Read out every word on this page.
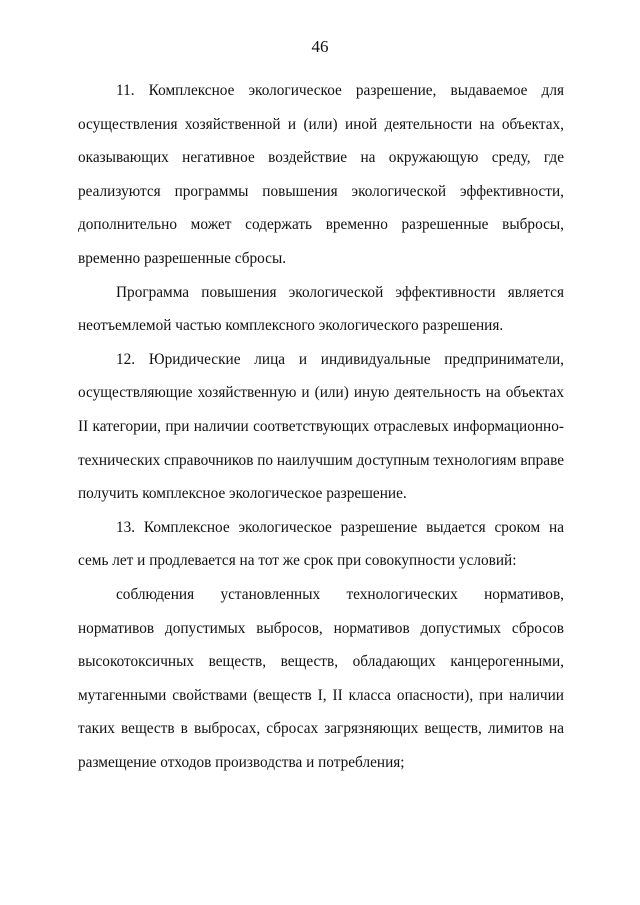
46

11. Комплексное экологическое разрешение, выдаваемое для осуществления хозяйственной и (или) иной деятельности на объектах, оказывающих негативное воздействие на окружающую среду, где реализуются программы повышения экологической эффективности, дополнительно может содержать временно разрешенные выбросы, временно разрешенные сбросы.

Программа повышения экологической эффективности является неотъемлемой частью комплексного экологического разрешения.

12. Юридические лица и индивидуальные предприниматели, осуществляющие хозяйственную и (или) иную деятельность на объектах II категории, при наличии соответствующих отраслевых информационно-технических справочников по наилучшим доступным технологиям вправе получить комплексное экологическое разрешение.

13. Комплексное экологическое разрешение выдается сроком на семь лет и продлевается на тот же срок при совокупности условий:

соблюдения установленных технологических нормативов, нормативов допустимых выбросов, нормативов допустимых сбросов высокотоксичных веществ, веществ, обладающих канцерогенными, мутагенными свойствами (веществ I, II класса опасности), при наличии таких веществ в выбросах, сбросах загрязняющих веществ, лимитов на размещение отходов производства и потребления;
